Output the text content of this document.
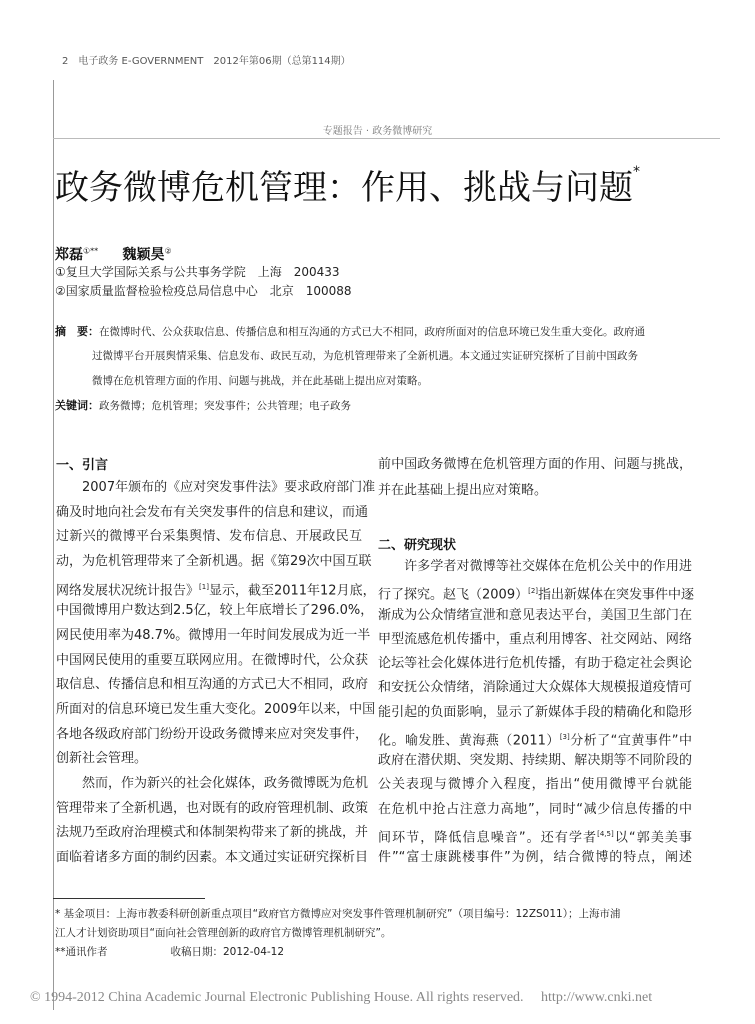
2　电子政务 E-GOVERNMENT　2012年第06期（总第114期）
专题报告 · 政务微博研究
政务微博危机管理：作用、挑战与问题*
郑磊①** 魏颖昊②
①复旦大学国际关系与公共事务学院　上海　200433
②国家质量监督检验检疫总局信息中心　北京　100088
摘　要：在微博时代、公众获取信息、传播信息和相互沟通的方式已大不相同，政府所面对的信息环境已发生重大变化。政府通
过微博平台开展舆情采集、信息发布、政民互动，为危机管理带来了全新机遇。本文通过实证研究探析了目前中国政务
微博在危机管理方面的作用、问题与挑战，并在此基础上提出应对策略。
关键词：政务微博；危机管理；突发事件；公共管理；电子政务
一、引言
二、研究现状
　　2007年颁布的《应对突发事件法》要求政府部门准
确及时地向社会发布有关突发事件的信息和建议，而通
过新兴的微博平台采集舆情、发布信息、开展政民互
动，为危机管理带来了全新机遇。据《第29次中国互联
网络发展状况统计报告》[1]显示，截至2011年12月底，
中国微博用户数达到2.5亿，较上年底增长了296.0%，
网民使用率为48.7%。微博用一年时间发展成为近一半
中国网民使用的重要互联网应用。在微博时代，公众获
取信息、传播信息和相互沟通的方式已大不相同，政府
所面对的信息环境已发生重大变化。2009年以来，中国
各地各级政府部门纷纷开设政务微博来应对突发事件，
创新社会管理。
　　然而，作为新兴的社会化媒体，政务微博既为危机
管理带来了全新机遇，也对既有的政府管理机制、政策
法规乃至政府治理模式和体制架构带来了新的挑战，并
面临着诸多方面的制约因素。本文通过实证研究探析目
前中国政务微博在危机管理方面的作用、问题与挑战，
并在此基础上提出应对策略。
　　许多学者对微博等社交媒体在危机公关中的作用进
行了探究。赵飞（2009）[2]指出新媒体在突发事件中逐
渐成为公众情绪宣泄和意见表达平台，美国卫生部门在
甲型流感危机传播中，重点利用博客、社交网站、网络
论坛等社会化媒体进行危机传播，有助于稳定社会舆论
和安抚公众情绪，消除通过大众媒体大规模报道疫情可
能引起的负面影响，显示了新媒体手段的精确化和隐形
化。喻发胜、黄海燕（2011）[3]分析了“宜黄事件”中
政府在潜伏期、突发期、持续期、解决期等不同阶段的
公关表现与微博介入程度，指出“使用微博平台就能
在危机中抢占注意力高地”，同时“减少信息传播的中
间环节，降低信息噪音”。还有学者[4,5]以“郭美美事
件”“富士康跳楼事件”为例，结合微博的特点，阐述
* 基金项目：上海市教委科研创新重点项目“政府官方微博应对突发事件管理机制研究”（项目编号：12ZS011）；上海市浦
江人才计划资助项目“面向社会管理创新的政府官方微博管理机制研究”。
**通讯作者　　　　　　收稿日期：2012-04-12
© 1994-2012 China Academic Journal Electronic Publishing House. All rights reserved.　 http://www.cnki.net
